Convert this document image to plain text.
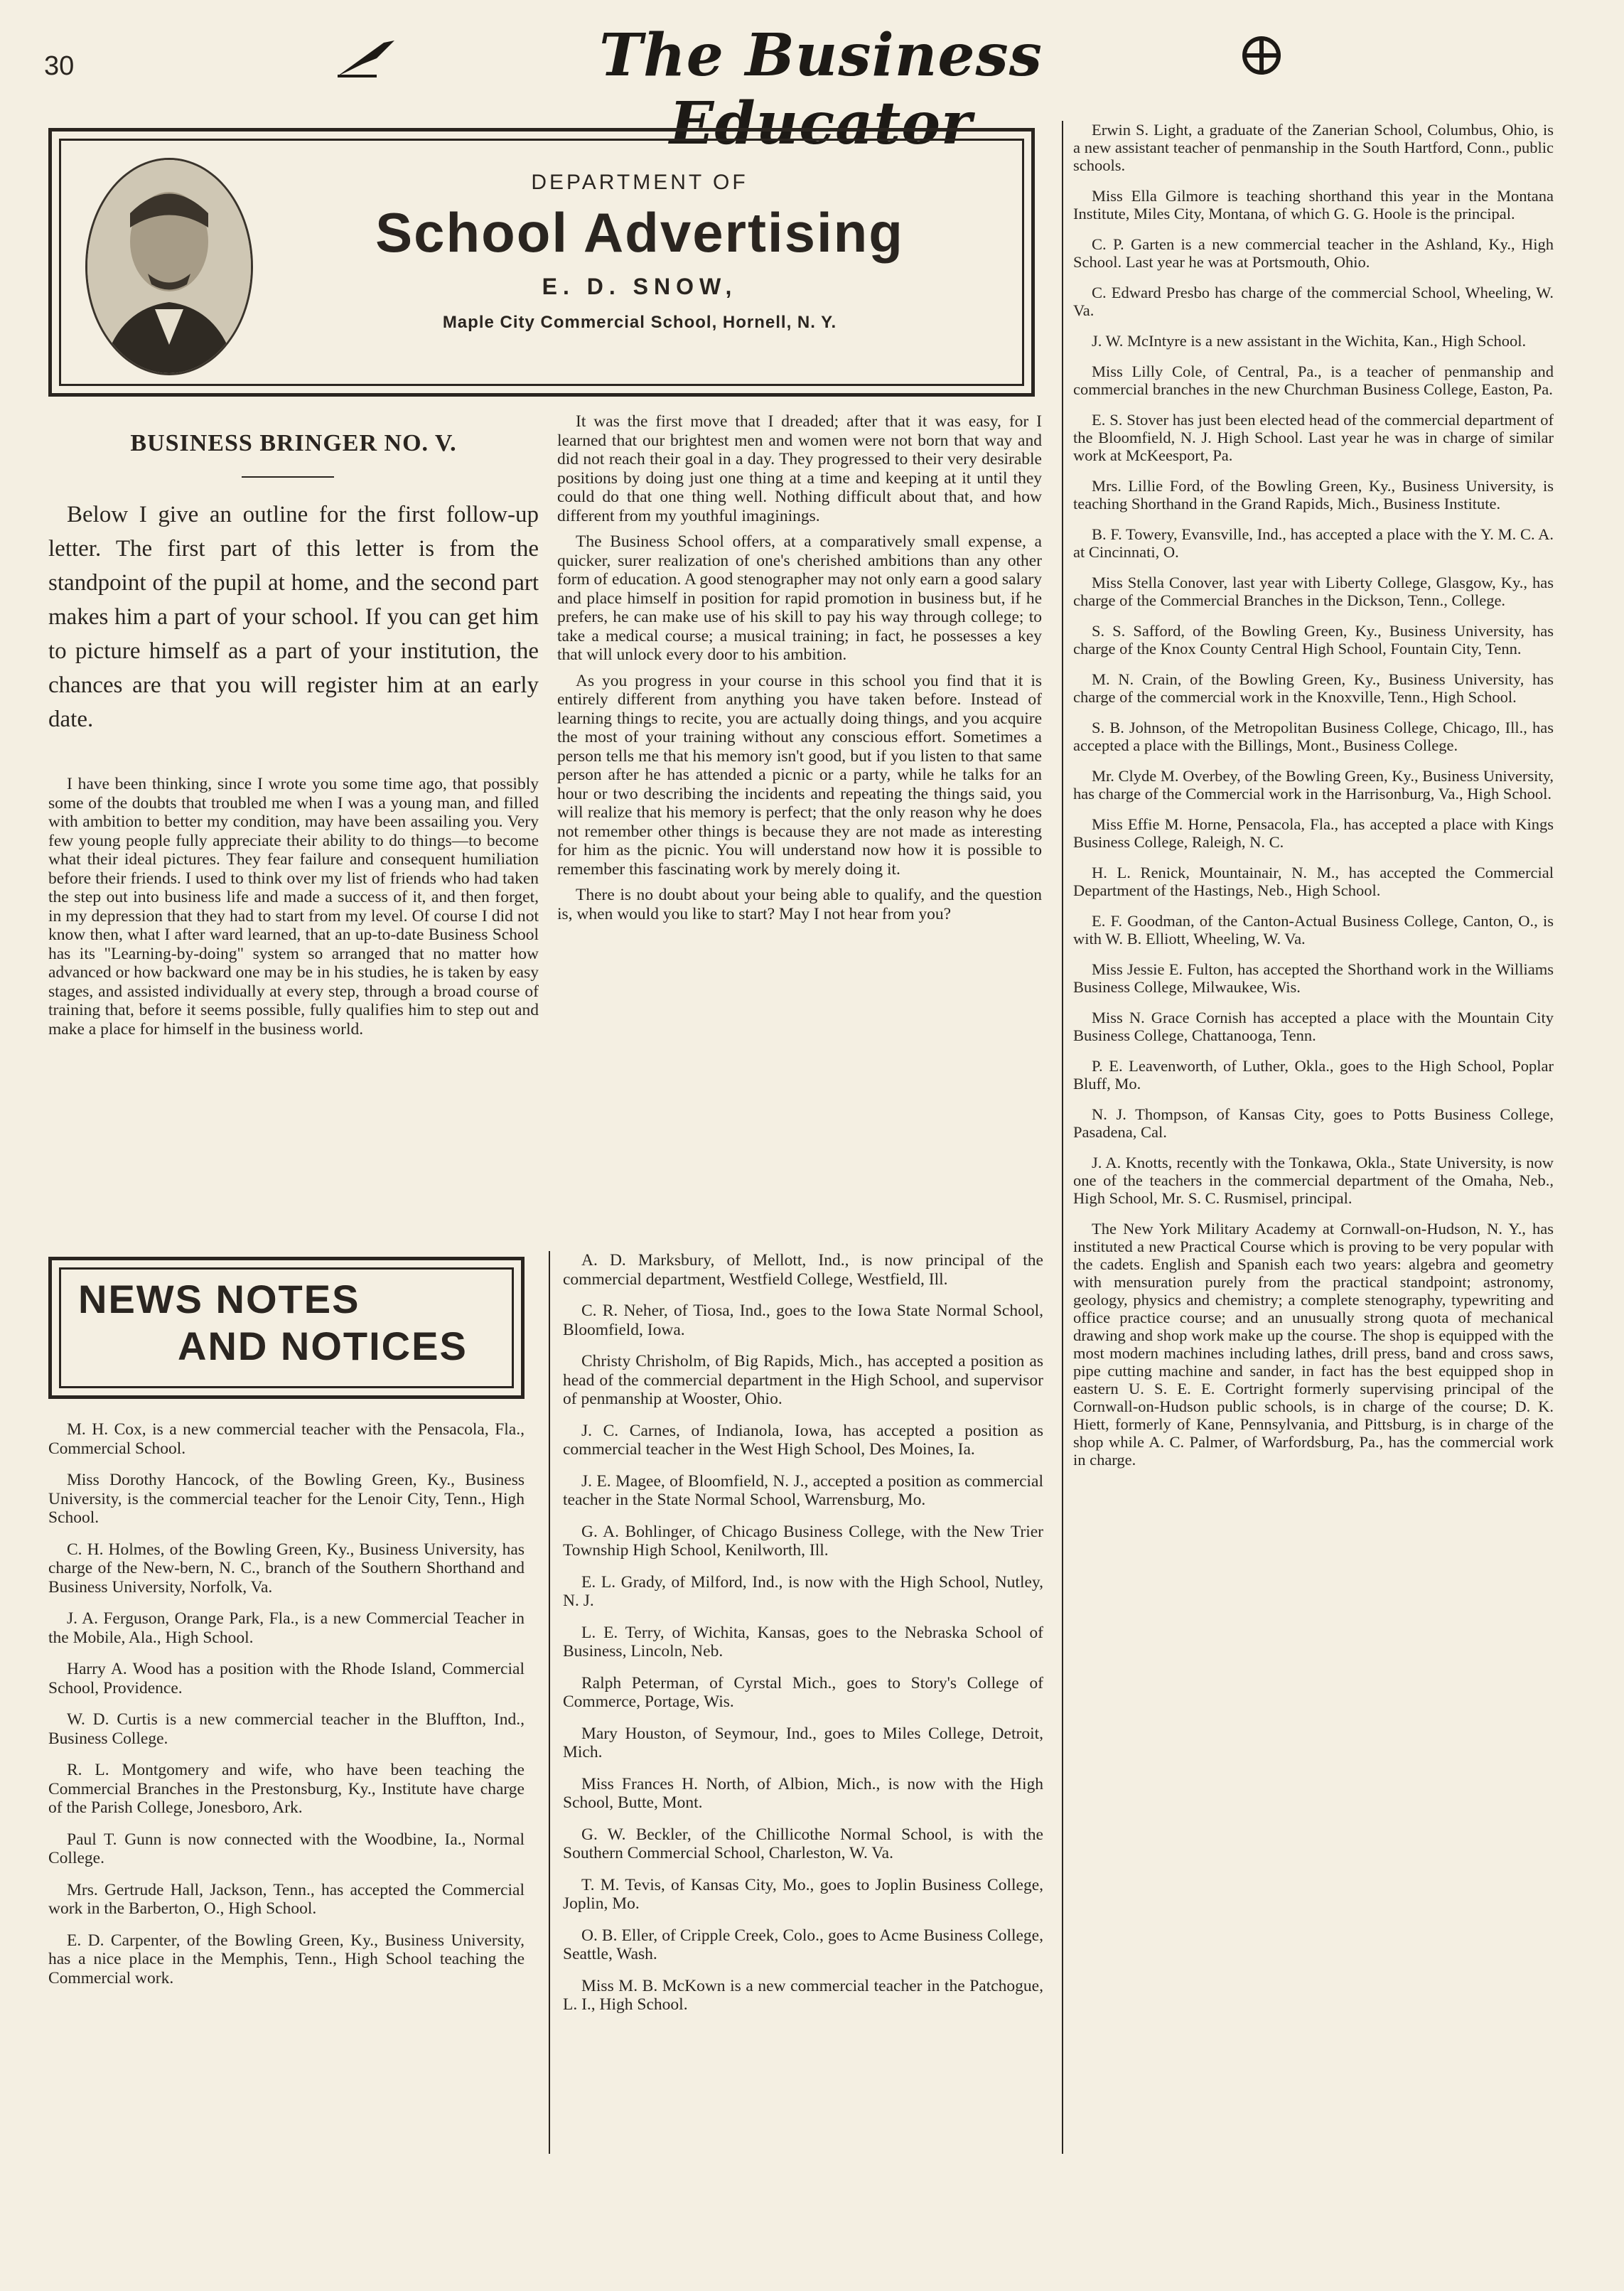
30	The Business Educator
DEPARTMENT OF
School Advertising
E. D. SNOW,
Maple City Commercial School, Hornell, N. Y.
BUSINESS BRINGER NO. V.

Below I give an outline for the first follow-up letter. The first part of this letter is from the standpoint of the pupil at home, and the second part makes him a part of your school. If you can get him to picture himself as a part of your institution, the chances are that you will register him at an early date.

I have been thinking, since I wrote you some time ago, that possibly some of the doubts that troubled me when I was a young man, and filled with ambition to better my condition, may have been assailing you. Very few young people fully appreciate their ability to do things—to become what their ideal pictures. They fear failure and consequent humiliation before their friends. I used to think over my list of friends who had taken the step out into business life and made a success of it, and then forget, in my depression that they had to start from my level. Of course I did not know then, what I after ward learned, that an up-to-date Business School has its "Learning-by-doing" system so arranged that no matter how advanced or how backward one may be in his studies, he is taken by easy stages, and assisted individually at every step, through a broad course of training that, before it seems possible, fully qualifies him to step out and make a place for himself in the business world.

It was the first move that I dreaded; after that it was easy, for I learned that our brightest men and women were not born that way and did not reach their goal in a day. They progressed to their very desirable positions by doing just one thing at a time and keeping at it until they could do that one thing well. Nothing difficult about that, and how different from my youthful imaginings.

The Business School offers, at a comparatively small expense, a quicker, surer realization of one's cherished ambitions than any other form of education. A good stenographer may not only earn a good salary and place himself in position for rapid promotion in business but, if he prefers, he can make use of his skill to pay his way through college; to take a medical course; a musical training; in fact, he possesses a key that will unlock every door to his ambition.

As you progress in your course in this school you find that it is entirely different from anything you have taken before. Instead of learning things to recite, you are actually doing things, and you acquire the most of your training without any conscious effort. Sometimes a person tells me that his memory isn't good, but if you listen to that same person after he has attended a picnic or a party, while he talks for an hour or two describing the incidents and repeating the things said, you will realize that his memory is perfect; that the only reason why he does not remember other things is because they are not made as interesting for him as the picnic. You will understand now how it is possible to remember this fascinating work by merely doing it.

There is no doubt about your being able to qualify, and the question is, when would you like to start? May I not hear from you?

NEWS NOTES
AND NOTICES

M. H. Cox, is a new commercial teacher with the Pensacola, Fla., Commercial School.

Miss Dorothy Hancock, of the Bowling Green, Ky., Business University, is the commercial teacher for the Lenoir City, Tenn., High School.

C. H. Holmes, of the Bowling Green, Ky., Business University, has charge of the New-bern, N. C., branch of the Southern Shorthand and Business University, Norfolk, Va.

J. A. Ferguson, Orange Park, Fla., is a new Commercial Teacher in the Mobile, Ala., High School.

Harry A. Wood has a position with the Rhode Island, Commercial School, Providence.

W. D. Curtis is a new commercial teacher in the Bluffton, Ind., Business College.

R. L. Montgomery and wife, who have been teaching the Commercial Branches in the Prestonsburg, Ky., Institute have charge of the Parish College, Jonesboro, Ark.

Paul T. Gunn is now connected with the Woodbine, Ia., Normal College.

Mrs. Gertrude Hall, Jackson, Tenn., has accepted the Commercial work in the Barberton, O., High School.

E. D. Carpenter, of the Bowling Green, Ky., Business University, has a nice place in the Memphis, Tenn., High School teaching the Commercial work.

A. D. Marksbury, of Mellott, Ind., is now principal of the commercial department, Westfield College, Westfield, Ill.

C. R. Neher, of Tiosa, Ind., goes to the Iowa State Normal School, Bloomfield, Iowa.

Christy Chrisholm, of Big Rapids, Mich., has accepted a position as head of the commercial department in the High School, and supervisor of penmanship at Wooster, Ohio.

J. C. Carnes, of Indianola, Iowa, has accepted a position as commercial teacher in the West High School, Des Moines, Ia.

J. E. Magee, of Bloomfield, N. J., accepted a position as commercial teacher in the State Normal School, Warrensburg, Mo.

G. A. Bohlinger, of Chicago Business College, with the New Trier Township High School, Kenilworth, Ill.

E. L. Grady, of Milford, Ind., is now with the High School, Nutley, N. J.

L. E. Terry, of Wichita, Kansas, goes to the Nebraska School of Business, Lincoln, Neb.

Ralph Peterman, of Cyrstal Mich., goes to Story's College of Commerce, Portage, Wis.

Mary Houston, of Seymour, Ind., goes to Miles College, Detroit, Mich.

Miss Frances H. North, of Albion, Mich., is now with the High School, Butte, Mont.

G. W. Beckler, of the Chillicothe Normal School, is with the Southern Commercial School, Charleston, W. Va.

T. M. Tevis, of Kansas City, Mo., goes to Joplin Business College, Joplin, Mo.

O. B. Eller, of Cripple Creek, Colo., goes to Acme Business College, Seattle, Wash.

Miss M. B. McKown is a new commercial teacher in the Patchogue, L. I., High School.

Erwin S. Light, a graduate of the Zanerian School, Columbus, Ohio, is a new assistant teacher of penmanship in the South Hartford, Conn., public schools.

Miss Ella Gilmore is teaching shorthand this year in the Montana Institute, Miles City, Montana, of which G. G. Hoole is the principal.

C. P. Garten is a new commercial teacher in the Ashland, Ky., High School. Last year he was at Portsmouth, Ohio.

C. Edward Presbo has charge of the commercial School, Wheeling, W. Va.

J. W. McIntyre is a new assistant in the Wichita, Kan., High School.

Miss Lilly Cole, of Central, Pa., is a teacher of penmanship and commercial branches in the new Churchman Business College, Easton, Pa.

E. S. Stover has just been elected head of the commercial department of the Bloomfield, N. J. High School. Last year he was in charge of similar work at McKeesport, Pa.

Mrs. Lillie Ford, of the Bowling Green, Ky., Business University, is teaching Shorthand in the Grand Rapids, Mich., Business Institute.

B. F. Towery, Evansville, Ind., has accepted a place with the Y. M. C. A. at Cincinnati, O.

Miss Stella Conover, last year with Liberty College, Glasgow, Ky., has charge of the Commercial Branches in the Dickson, Tenn., College.

S. S. Safford, of the Bowling Green, Ky., Business University, has charge of the Knox County Central High School, Fountain City, Tenn.

M. N. Crain, of the Bowling Green, Ky., Business University, has charge of the commercial work in the Knoxville, Tenn., High School.

S. B. Johnson, of the Metropolitan Business College, Chicago, Ill., has accepted a place with the Billings, Mont., Business College.

Mr. Clyde M. Overbey, of the Bowling Green, Ky., Business University, has charge of the Commercial work in the Harrisonburg, Va., High School.

Miss Effie M. Horne, Pensacola, Fla., has accepted a place with Kings Business College, Raleigh, N. C.

H. L. Renick, Mountainair, N. M., has accepted the Commercial Department of the Hastings, Neb., High School.

E. F. Goodman, of the Canton-Actual Business College, Canton, O., is with W. B. Elliott, Wheeling, W. Va.

Miss Jessie E. Fulton, has accepted the Shorthand work in the Williams Business College, Milwaukee, Wis.

Miss N. Grace Cornish has accepted a place with the Mountain City Business College, Chattanooga, Tenn.

P. E. Leavenworth, of Luther, Okla., goes to the High School, Poplar Bluff, Mo.

N. J. Thompson, of Kansas City, goes to Potts Business College, Pasadena, Cal.

J. A. Knotts, recently with the Tonkawa, Okla., State University, is now one of the teachers in the commercial department of the Omaha, Neb., High School, Mr. S. C. Rusmisel, principal.

The New York Military Academy at Cornwall-on-Hudson, N. Y., has instituted a new Practical Course which is proving to be very popular with the cadets. English and Spanish each two years: algebra and geometry with mensuration purely from the practical standpoint; astronomy, geology, physics and chemistry; a complete stenography, typewriting and office practice course; and an unusually strong quota of mechanical drawing and shop work make up the course. The shop is equipped with the most modern machines including lathes, drill press, band and cross saws, pipe cutting machine and sander, in fact has the best equipped shop in eastern U. S. E. E. Cortright formerly supervising principal of the Cornwall-on-Hudson public schools, is in charge of the course; D. K. Hiett, formerly of Kane, Pennsylvania, and Pittsburg, is in charge of the shop while A. C. Palmer, of Warfordsburg, Pa., has the commercial work in charge.
